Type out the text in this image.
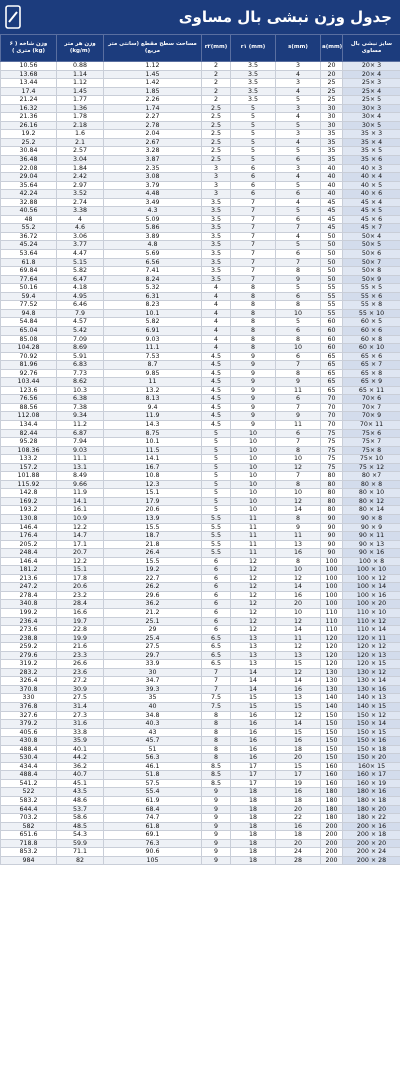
جدول وزن نبشی بال مساوی
وزن شاخه ( ۶ متری ) (kg)	وزن هر متر (kg/m)	مساحت سطح مقطع (سانتی متر مربع)	r۲(mm)	r۱ (mm)	s(mm)	a(mm)	سایز نبشی بال مساوی
10.56	0.88	1.12	2	3.5	3	20	20× 3
13.68	1.14	1.45	2	3.5	4	20	20× 4
13.44	1.12	1.42	2	3.5	3	25	25× 3
17.4	1.45	1.85	2	3.5	4	25	25× 4
21.24	1.77	2.26	2	3.5	5	25	25× 5
16.32	1.36	1.74	2.5	5	3	30	30× 3
21.36	1.78	2.27	2.5	5	4	30	30× 4
26.16	2.18	2.78	2.5	5	5	30	30× 5
19.2	1.6	2.04	2.5	5	3	35	35 × 3
25.2	2.1	2.67	2.5	5	4	35	35 × 4
30.84	2.57	3.28	2.5	5	5	35	35 × 5
36.48	3.04	3.87	2.5	5	6	35	35 × 6
22.08	1.84	2.35	3	6	3	40	40 × 3
29.04	2.42	3.08	3	6	4	40	40 × 4
35.64	2.97	3.79	3	6	5	40	40 × 5
42.24	3.52	4.48	3	6	6	40	40 × 6
32.88	2.74	3.49	3.5	7	4	45	45 × 4
40.56	3.38	4.3	3.5	7	5	45	45 × 5
48	4	5.09	3.5	7	6	45	45 × 6
55.2	4.6	5.86	3.5	7	7	45	45 × 7
36.72	3.06	3.89	3.5	7	4	50	50× 4
45.24	3.77	4.8	3.5	7	5	50	50× 5
53.64	4.47	5.69	3.5	7	6	50	50× 6
61.8	5.15	6.56	3.5	7	7	50	50× 7
69.84	5.82	7.41	3.5	7	8	50	50× 8
77.64	6.47	8.24	3.5	7	9	50	50× 9
50.16	4.18	5.32	4	8	5	55	55 × 5
59.4	4.95	6.31	4	8	6	55	55 × 6
77.52	6.46	8.23	4	8	8	55	55 × 8
94.8	7.9	10.1	4	8	10	55	55 × 10
54.84	4.57	5.82	4	8	5	60	60 × 5
65.04	5.42	6.91	4	8	6	60	60 × 6
85.08	7.09	9.03	4	8	8	60	60 × 8
104.28	8.69	11.1	4	8	10	60	60 × 10
70.92	5.91	7.53	4.5	9	6	65	65 × 6
81.96	6.83	8.7	4.5	9	7	65	65 × 7
92.76	7.73	9.85	4.5	9	8	65	65 × 8
103.44	8.62	11	4.5	9	9	65	65 × 9
123.6	10.3	13.2	4.5	9	11	65	65 × 11
76.56	6.38	8.13	4.5	9	6	70	70× 6
88.56	7.38	9.4	4.5	9	7	70	70× 7
112.08	9.34	11.9	4.5	9	9	70	70× 9
134.4	11.2	14.3	4.5	9	11	70	70× 11
82.44	6.87	8.75	5	10	6	75	75× 6
95.28	7.94	10.1	5	10	7	75	75× 7
108.36	9.03	11.5	5	10	8	75	75× 8
133.2	11.1	14.1	5	10	10	75	75× 10
157.2	13.1	16.7	5	10	12	75	75 × 12
101.88	8.49	10.8	5	10	7	80	80 ×7
115.92	9.66	12.3	5	10	8	80	80 × 8
142.8	11.9	15.1	5	10	10	80	80 × 10
169.2	14.1	17.9	5	10	12	80	80 × 12
193.2	16.1	20.6	5	10	14	80	80 × 14
130.8	10.9	13.9	5.5	11	8	90	90 × 8
146.4	12.2	15.5	5.5	11	9	90	90 × 9
176.4	14.7	18.7	5.5	11	11	90	90 × 11
205.2	17.1	21.8	5.5	11	13	90	90 × 13
248.4	20.7	26.4	5.5	11	16	90	90 × 16
146.4	12.2	15.5	6	12	8	100	100 × 8
181.2	15.1	19.2	6	12	10	100	100 × 10
213.6	17.8	22.7	6	12	12	100	100 × 12
247.2	20.6	26.2	6	12	14	100	100 × 14
278.4	23.2	29.6	6	12	16	100	100 × 16
340.8	28.4	36.2	6	12	20	100	100 × 20
199.2	16.6	21.2	6	12	10	110	110 × 10
236.4	19.7	25.1	6	12	12	110	110 × 12
273.6	22.8	29	6	12	14	110	110 × 14
238.8	19.9	25.4	6.5	13	11	120	120 × 11
259.2	21.6	27.5	6.5	13	12	120	120 × 12
279.6	23.3	29.7	6.5	13	13	120	120 × 13
319.2	26.6	33.9	6.5	13	15	120	120 × 15
283.2	23.6	30	7	14	12	130	130 × 12
326.4	27.2	34.7	7	14	14	130	130 × 14
370.8	30.9	39.3	7	14	16	130	130 × 16
330	27.5	35	7.5	15	13	140	140 × 13
376.8	31.4	40	7.5	15	15	140	140 × 15
327.6	27.3	34.8	8	16	12	150	150 × 12
379.2	31.6	40.3	8	16	14	150	150 × 14
405.6	33.8	43	8	16	15	150	150 × 15
430.8	35.9	45.7	8	16	16	150	150 × 16
488.4	40.1	51	8	16	18	150	150 × 18
530.4	44.2	56.3	8	16	20	150	150 × 20
434.4	36.2	46.1	8.5	17	15	160	160× 15
488.4	40.7	51.8	8.5	17	17	160	160 × 17
541.2	45.1	57.5	8.5	17	19	160	160 × 19
522	43.5	55.4	9	18	16	180	180 × 16
583.2	48.6	61.9	9	18	18	180	180 × 18
644.4	53.7	68.4	9	18	20	180	180 × 20
703.2	58.6	74.7	9	18	22	180	180 × 22
582	48.5	61.8	9	18	16	200	200 × 16
651.6	54.3	69.1	9	18	18	200	200 × 18
718.8	59.9	76.3	9	18	20	200	200 × 20
853.2	71.1	90.6	9	18	24	200	200 × 24
984	82	105	9	18	28	200	200 × 28
